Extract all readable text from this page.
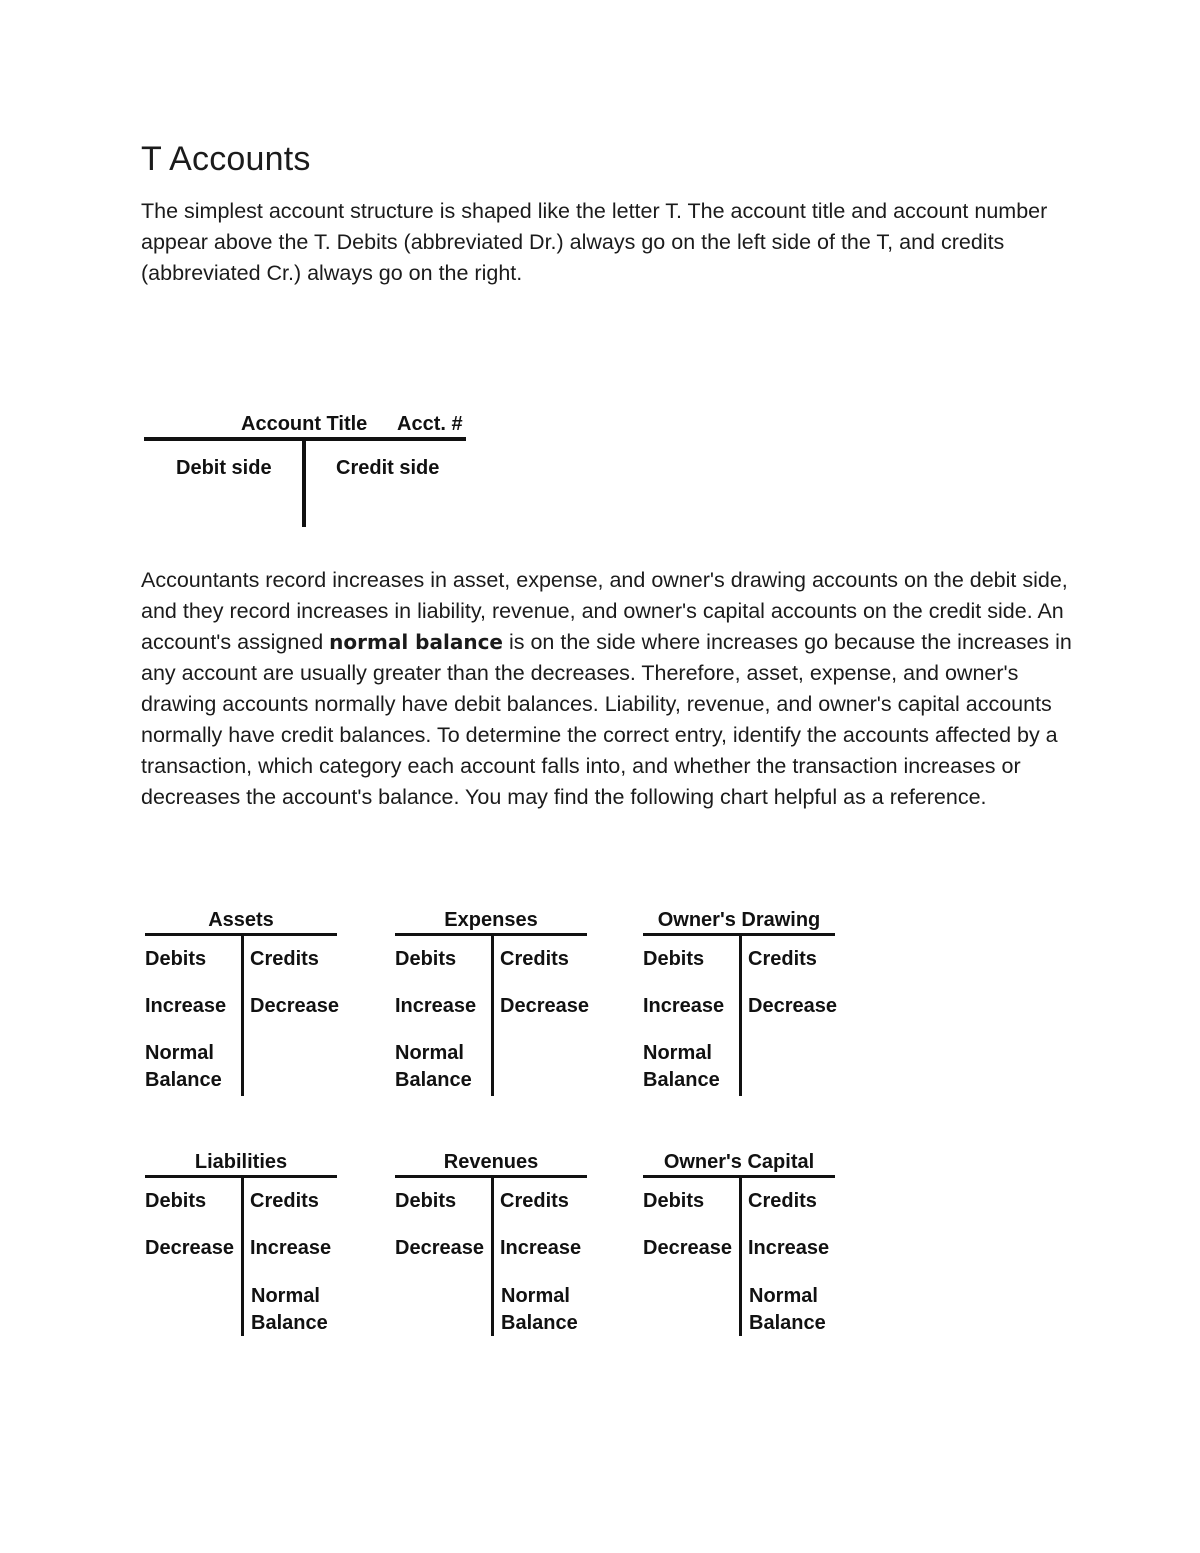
T Accounts

The simplest account structure is shaped like the letter T. The account title and account number appear above the T. Debits (abbreviated Dr.) always go on the left side of the T, and credits (abbreviated Cr.) always go on the right.

Account Title Acct. #
Debit side	Credit side

Accountants record increases in asset, expense, and owner's drawing accounts on the debit side, and they record increases in liability, revenue, and owner's capital accounts on the credit side. An account's assigned normal balance is on the side where increases go because the increases in any account are usually greater than the decreases. Therefore, asset, expense, and owner's drawing accounts normally have debit balances. Liability, revenue, and owner's capital accounts normally have credit balances. To determine the correct entry, identify the accounts affected by a transaction, which category each account falls into, and whether the transaction increases or decreases the account's balance. You may find the following chart helpful as a reference.

Assets
Debits Credits
Increase Decrease
Normal Balance
Expenses
Debits Credits
Increase Decrease
Normal Balance
Owner's Drawing
Debits Credits
Increase Decrease
Normal Balance
Liabilities
Debits Credits
Decrease Increase
Normal Balance
Revenues
Debits Credits
Decrease Increase
Normal Balance
Owner's Capital
Debits Credits
Decrease Increase
Normal Balance
